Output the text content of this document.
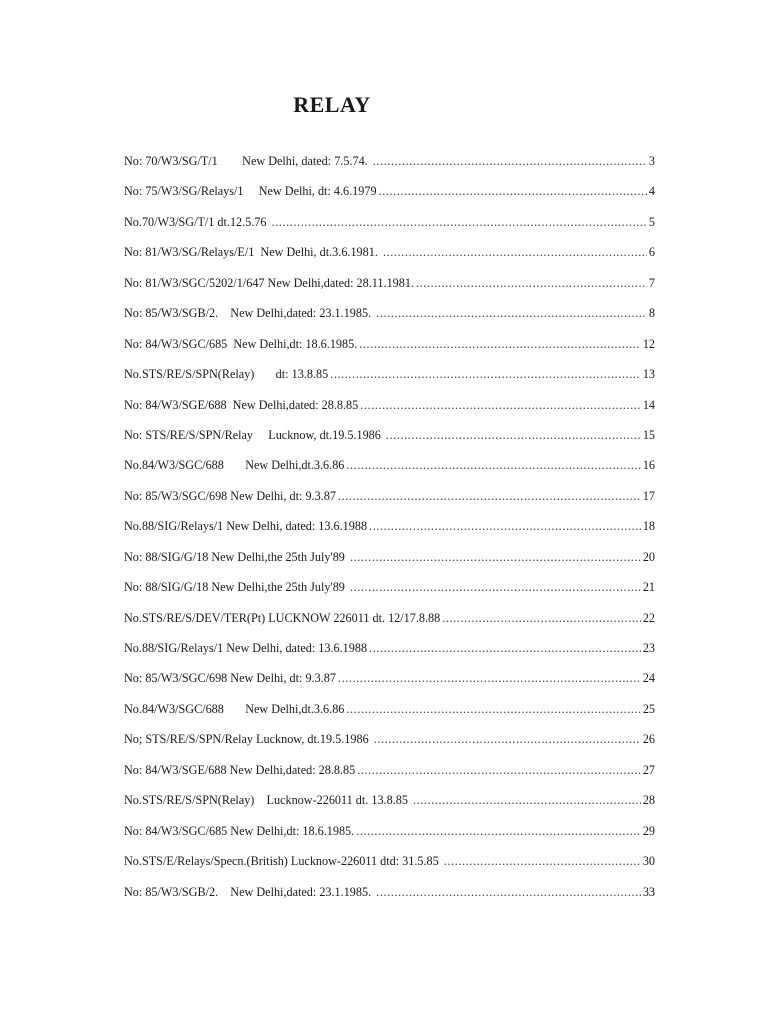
RELAY
No: 70/W3/SG/T/1        New Delhi, dated: 7.5.74. .....	3
No: 75/W3/SG/Relays/1     New Delhi, dt: 4.6.1979 .....	4
No.70/W3/SG/T/1 dt.12.5.76 .....	5
No: 81/W3/SG/Relays/E/1  New Delhi, dt.3.6.1981. .....	6
No: 81/W3/SGC/5202/1/647 New Delhi,dated: 28.11.1981. .....	7
No: 85/W3/SGB/2.    New Delhi,dated: 23.1.1985. .....	8
No: 84/W3/SGC/685  New Delhi,dt: 18.6.1985. .....	12
No.STS/RE/S/SPN(Relay)       dt: 13.8.85 .....	13
No: 84/W3/SGE/688  New Delhi,dated: 28.8.85 .....	14
No: STS/RE/S/SPN/Relay     Lucknow, dt.19.5.1986 .....	15
No.84/W3/SGC/688       New Delhi,dt.3.6.86 .....	16
No: 85/W3/SGC/698 New Delhi, dt: 9.3.87 .....	17
No.88/SIG/Relays/1 New Delhi, dated: 13.6.1988 .....	18
No: 88/SIG/G/18 New Delhi,the 25th July'89 .....	20
No: 88/SIG/G/18 New Delhi,the 25th July'89 .....	21
No.STS/RE/S/DEV/TER(Pt) LUCKNOW 226011 dt. 12/17.8.88 .....	22
No.88/SIG/Relays/1 New Delhi, dated: 13.6.1988 .....	23
No: 85/W3/SGC/698 New Delhi, dt: 9.3.87 .....	24
No.84/W3/SGC/688       New Delhi,dt.3.6.86 .....	25
No; STS/RE/S/SPN/Relay Lucknow, dt.19.5.1986 .....	26
No: 84/W3/SGE/688 New Delhi,dated: 28.8.85 .....	27
No.STS/RE/S/SPN(Relay)    Lucknow-226011 dt. 13.8.85 .....	28
No: 84/W3/SGC/685 New Delhi,dt: 18.6.1985. .....	29
No.STS/E/Relays/Specn.(British) Lucknow-226011 dtd: 31.5.85 .....	30
No: 85/W3/SGB/2.    New Delhi,dated: 23.1.1985. .....	33
